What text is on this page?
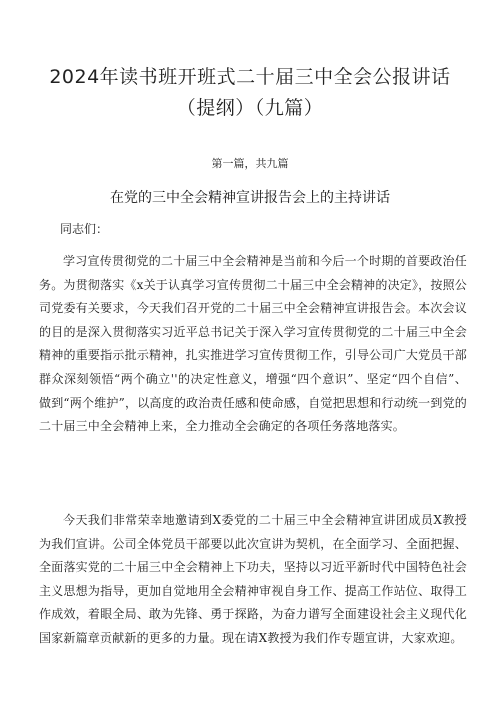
2024年读书班开班式二十届三中全会公报讲话（提纲）（九篇）
第一篇，共九篇
在党的三中全会精神宣讲报告会上的主持讲话
同志们：
学习宣传贯彻党的二十届三中全会精神是当前和今后一个时期的首要政治任务。为贯彻落实《x关于认真学习宣传贯彻二十届三中全会精神的决定》，按照公司党委有关要求，今天我们召开党的二十届三中全会精神宣讲报告会。本次会议的目的是深入贯彻落实习近平总书记关于深入学习宣传贯彻党的二十届三中全会精神的重要指示批示精神，扎实推进学习宣传贯彻工作，引导公司广大党员干部群众深刻领悟“两个确立''的决定性意义，增强“四个意识”、坚定“四个自信”、做到“两个维护”，以高度的政治责任感和使命感，自觉把思想和行动统一到党的二十届三中全会精神上来，全力推动全会确定的各项任务落地落实。
今天我们非常荣幸地邀请到X委党的二十届三中全会精神宣讲团成员X教授为我们宣讲。公司全体党员干部要以此次宣讲为契机，在全面学习、全面把握、全面落实党的二十届三中全会精神上下功夫，坚持以习近平新时代中国特色社会主义思想为指导，更加自觉地用全会精神审视自身工作、提高工作站位、取得工作成效，着眼全局、敢为先锋、勇于探路，为奋力谱写全面建设社会主义现代化国家新篇章贡献新的更多的力量。现在请X教授为我们作专题宣讲，大家欢迎。
